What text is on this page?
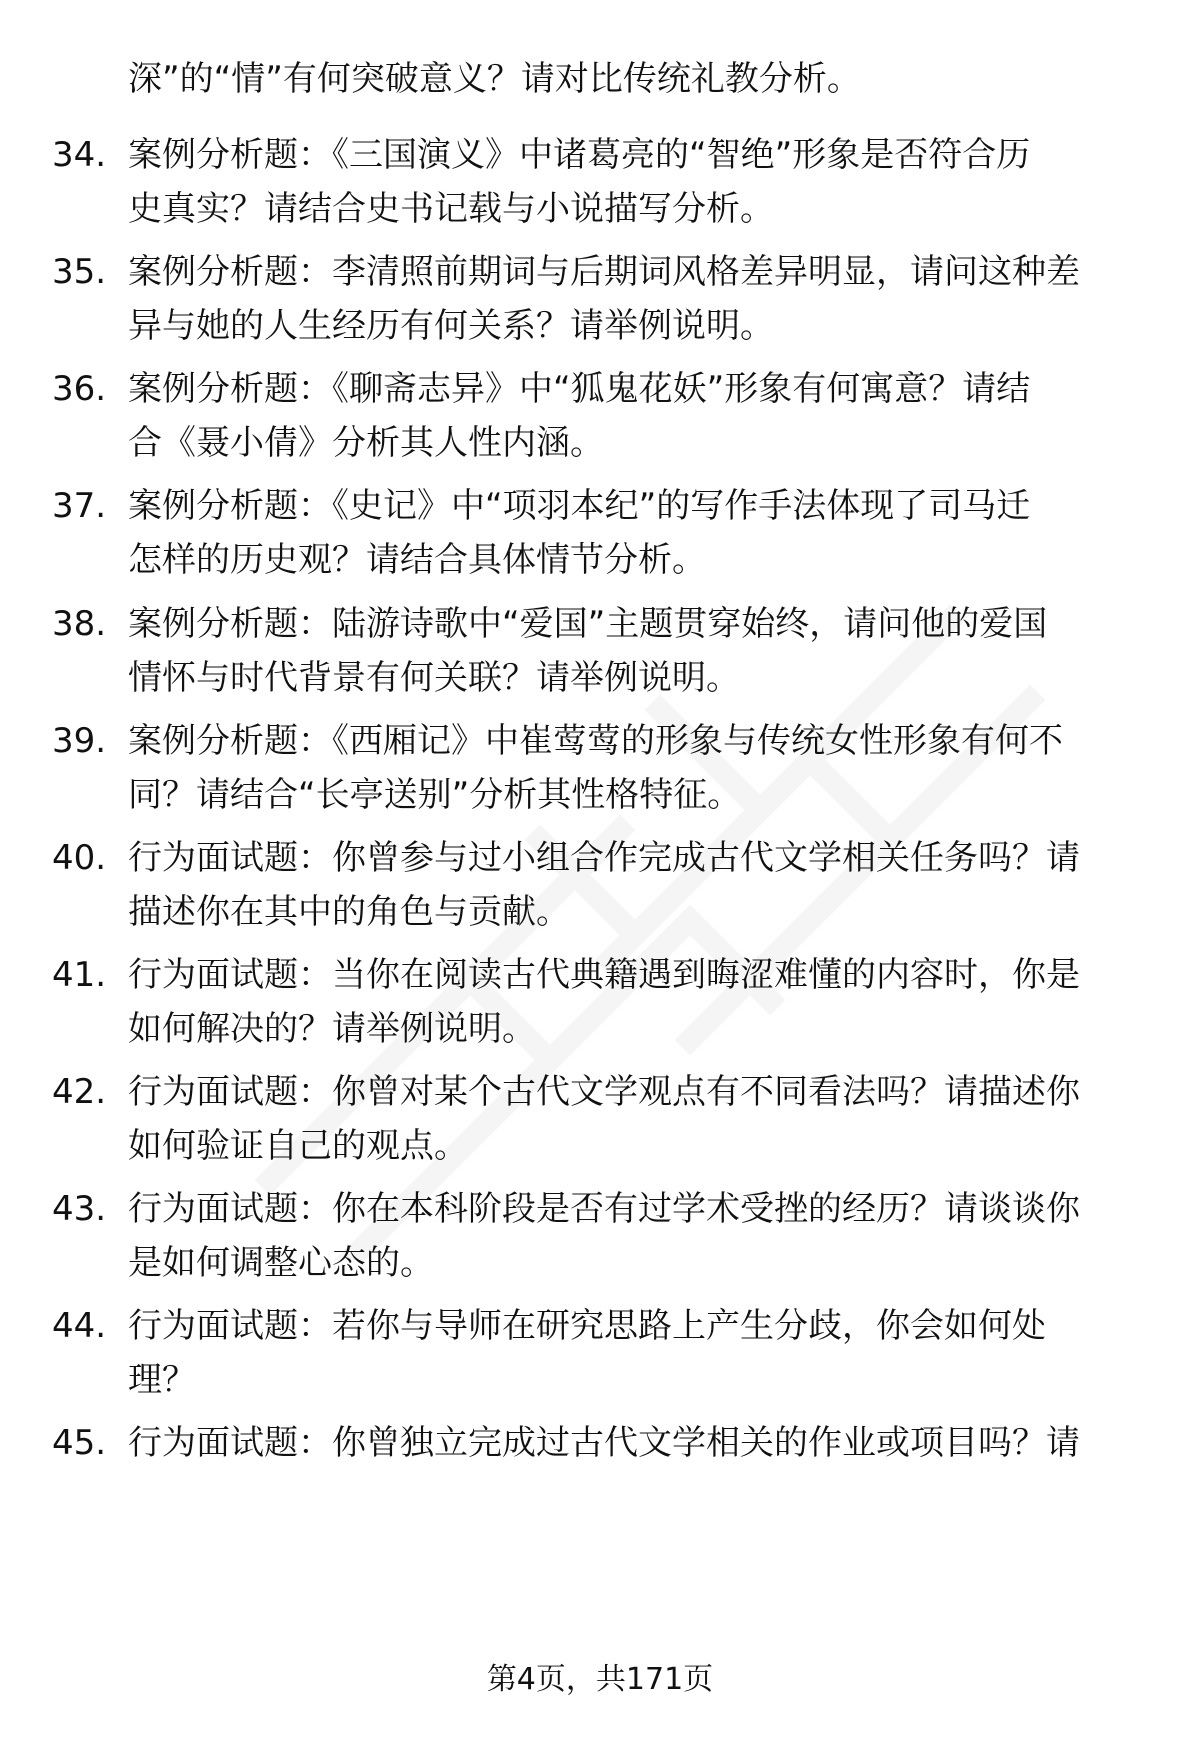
深”的“情”有何突破意义？请对比传统礼教分析。
34. 案例分析题：《三国演义》中诸葛亮的“智绝”形象是否符合历
史真实？请结合史书记载与小说描写分析。
35. 案例分析题：李清照前期词与后期词风格差异明显，请问这种差
异与她的人生经历有何关系？请举例说明。
36. 案例分析题：《聊斋志异》中“狐鬼花妖”形象有何寓意？请结
合《聂小倩》分析其人性内涵。
37. 案例分析题：《史记》中“项羽本纪”的写作手法体现了司马迁
怎样的历史观？请结合具体情节分析。
38. 案例分析题：陆游诗歌中“爱国”主题贯穿始终，请问他的爱国
情怀与时代背景有何关联？请举例说明。
39. 案例分析题：《西厢记》中崔莺莺的形象与传统女性形象有何不
同？请结合“长亭送别”分析其性格特征。
40. 行为面试题：你曾参与过小组合作完成古代文学相关任务吗？请
描述你在其中的角色与贡献。
41. 行为面试题：当你在阅读古代典籍遇到晦涩难懂的内容时，你是
如何解决的？请举例说明。
42. 行为面试题：你曾对某个古代文学观点有不同看法吗？请描述你
如何验证自己的观点。
43. 行为面试题：你在本科阶段是否有过学术受挫的经历？请谈谈你
是如何调整心态的。
44. 行为面试题：若你与导师在研究思路上产生分歧，你会如何处
理？
45. 行为面试题：你曾独立完成过古代文学相关的作业或项目吗？请
第4页，共171页
